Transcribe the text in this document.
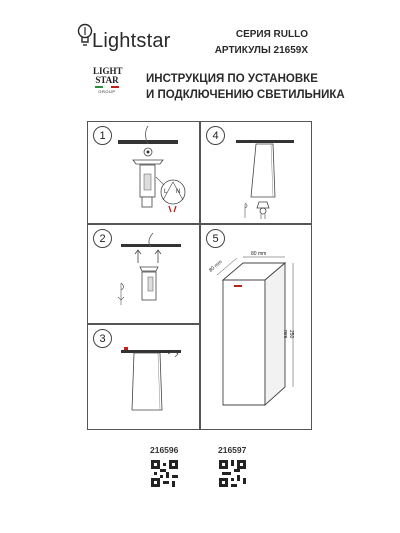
Lightstar	СЕРИЯ RULLO
АРТИКУЛЫ 21659X
LIGHT
STAR
GROUP
ИНСТРУКЦИЯ ПО УСТАНОВКЕ
И ПОДКЛЮЧЕНИЮ СВЕТИЛЬНИКА
1
L N
4
2	5
80 mm
80 mm
250 mm
3
216596	216597
